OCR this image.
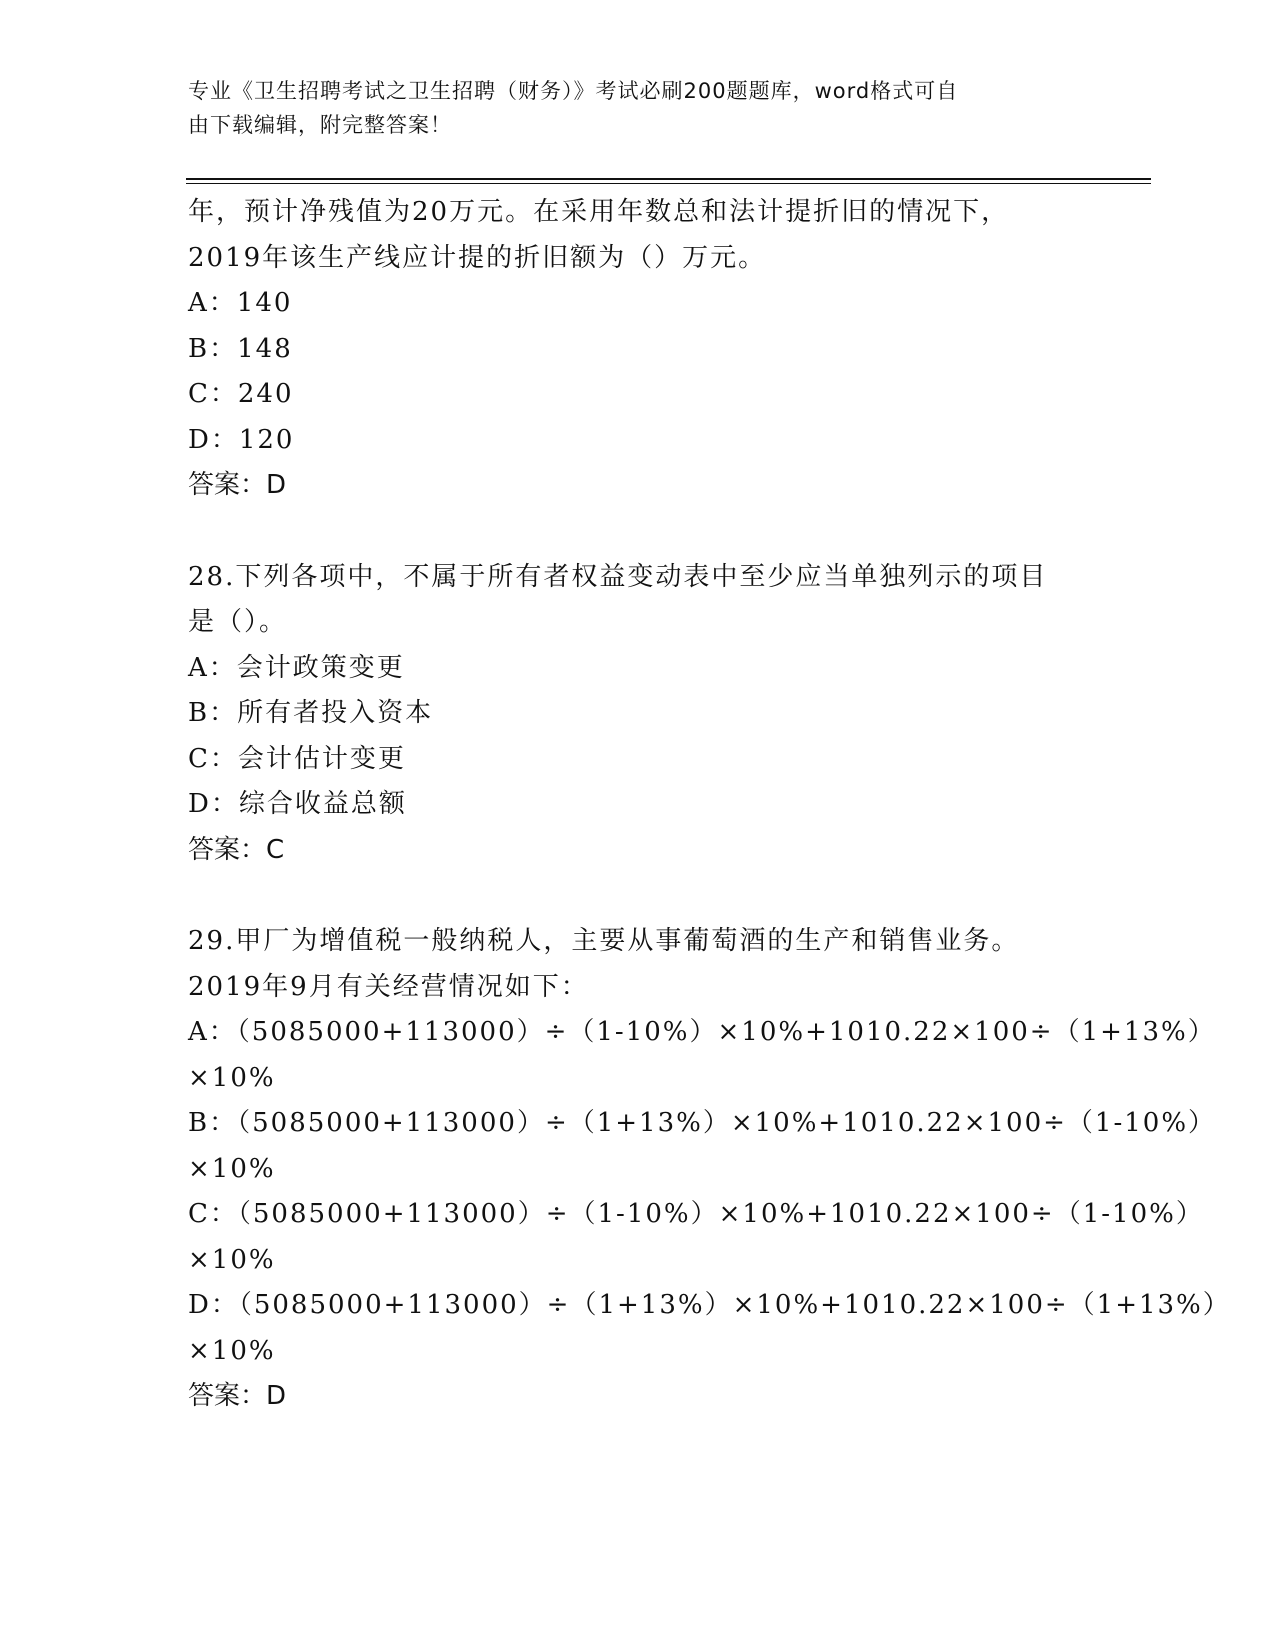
专业《卫生招聘考试之卫生招聘（财务）》考试必刷200题题库，word格式可自
由下载编辑，附完整答案！
年，预计净残值为20万元。在采用年数总和法计提折旧的情况下，
2019年该生产线应计提的折旧额为（）万元。
A：140
B：148
C：240
D：120
答案：D
28.下列各项中，不属于所有者权益变动表中至少应当单独列示的项目
是（）。
A：会计政策变更
B：所有者投入资本
C：会计估计变更
D：综合收益总额
答案：C
29.甲厂为增值税一般纳税人，主要从事葡萄酒的生产和销售业务。
2019年9月有关经营情况如下：
A：（5085000+113000）÷（1-10%）×10%+1010.22×100÷（1+13%）
×10%
B：（5085000+113000）÷（1+13%）×10%+1010.22×100÷（1-10%）
×10%
C：（5085000+113000）÷（1-10%）×10%+1010.22×100÷（1-10%）
×10%
D：（5085000+113000）÷（1+13%）×10%+1010.22×100÷（1+13%）
×10%
答案：D
